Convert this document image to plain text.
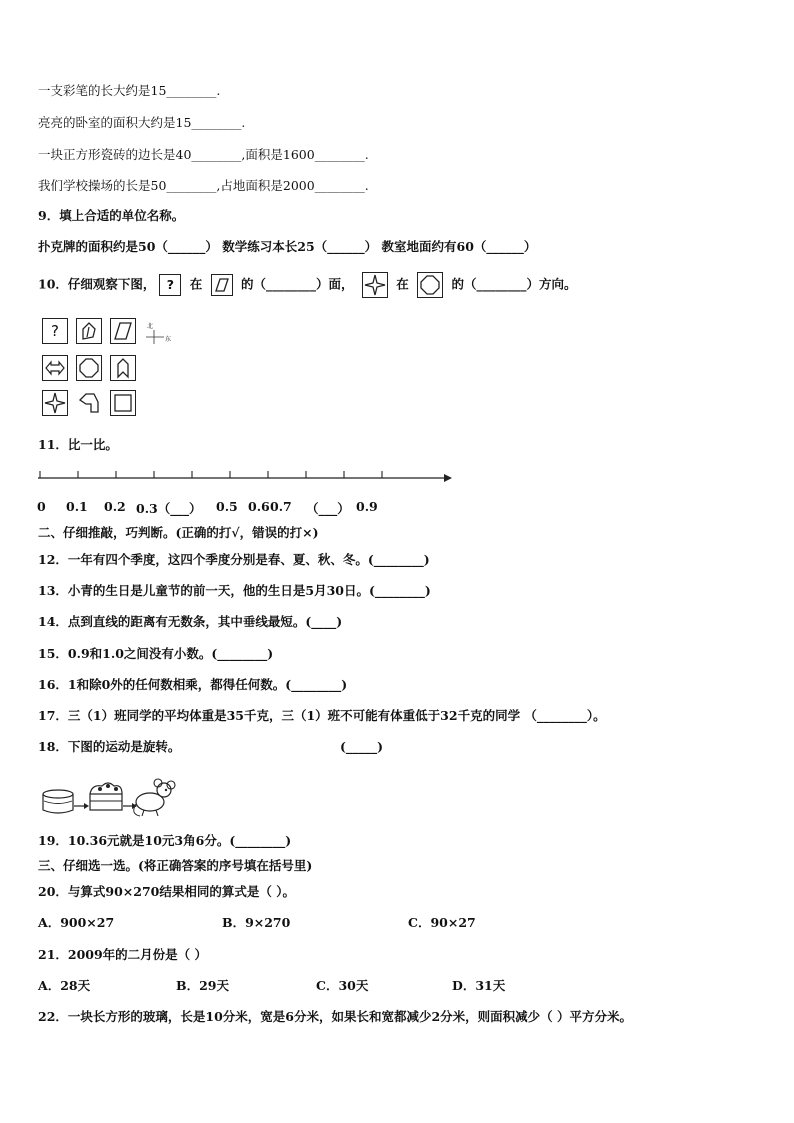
一支彩笔的长大约是15________.
亮亮的卧室的面积大约是15________.
一块正方形瓷砖的边长是40________,面积是1600________.
我们学校操场的长是50________,占地面积是2000________.
9．填上合适的单位名称。
扑克牌的面积约是50（______） 数学练习本长25（______） 教室地面约有60（______）
10．仔细观察下图， ? 在	的（________）面，	在	的（________）方向。
?	北
东
11．比一比。
0 0.1 0.2 0.3（___） 0.5 0.6 0.7 （___） 0.9
二、仔细推敲，巧判断。(正确的打√，错误的打×)
12．一年有四个季度，这四个季度分别是春、夏、秋、冬。(________)
13．小青的生日是儿童节的前一天，他的生日是5月30日。(________)
14．点到直线的距离有无数条，其中垂线最短。(____)
15．0.9和1.0之间没有小数。(________)
16．1和除0外的任何数相乘，都得任何数。(________)
17．三（1）班同学的平均体重是35千克，三（1）班不可能有体重低于32千克的同学 （________）。
18．下图的运动是旋转。	(_____)
19．10.36元就是10元3角6分。(________)
三、仔细选一选。(将正确答案的序号填在括号里)
20．与算式90×270结果相同的算式是（ ）。
A．900×27	B．9×270	C．90×27
21．2009年的二月份是（ ）
A．28天	B．29天	C．30天	D．31天
22．一块长方形的玻璃，长是10分米，宽是6分米，如果长和宽都减少2分米，则面积减少（ ）平方分米。
